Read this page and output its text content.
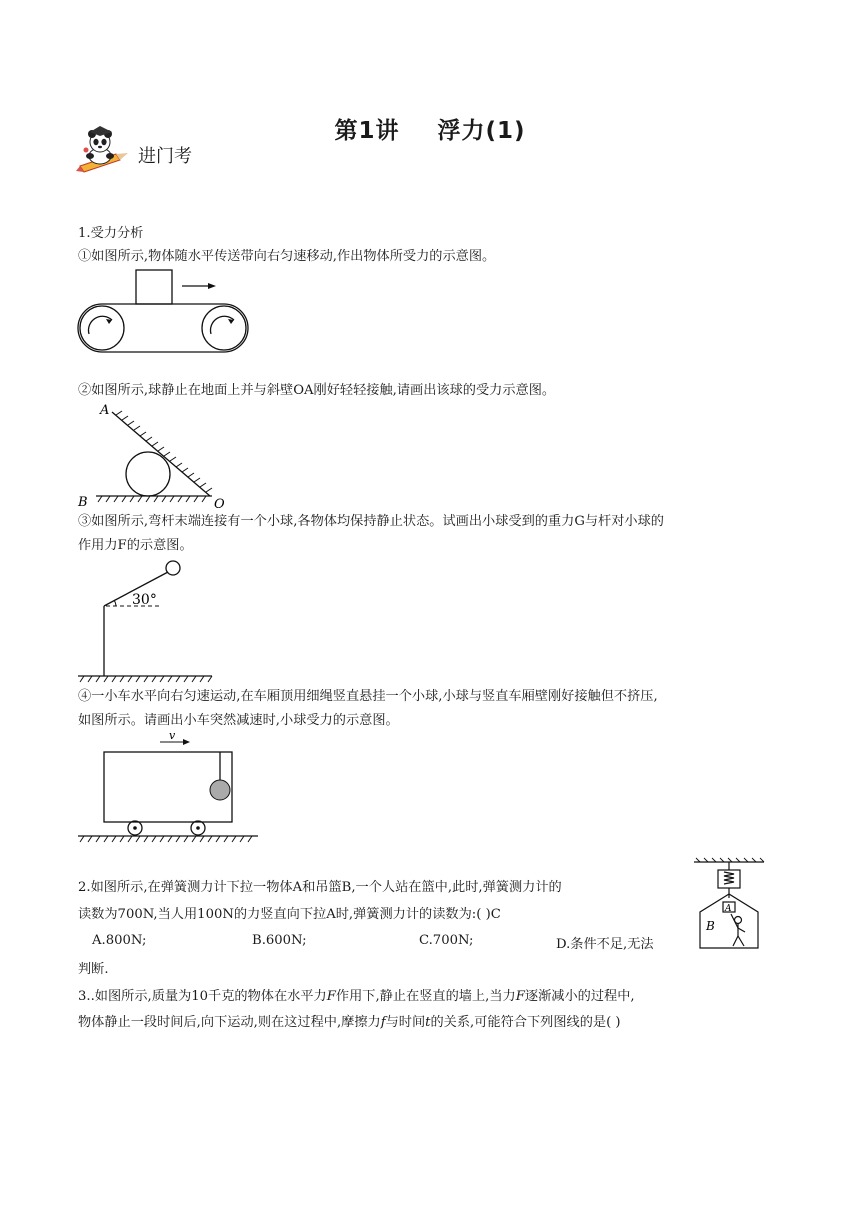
第1讲 浮力(1)
进门考
1.受力分析
①如图所示,物体随水平传送带向右匀速移动,作出物体所受力的示意图。
②如图所示,球静止在地面上并与斜壁OA刚好轻轻接触,请画出该球的受力示意图。
A
B	O
③如图所示,弯杆末端连接有一个小球,各物体均保持静止状态。试画出小球受到的重力G与杆对小球的
作用力F的示意图。
30°
④一小车水平向右匀速运动,在车厢顶用细绳竖直悬挂一个小球,小球与竖直车厢壁刚好接触但不挤压,
如图所示。请画出小车突然减速时,小球受力的示意图。
v
2.如图所示,在弹簧测力计下拉一物体A和吊篮B,一个人站在篮中,此时,弹簧测力计的
读数为700N,当人用100N的力竖直向下拉A时,弹簧测力计的读数为:( )C
A.800N;	B.600N;	C.700N;	D.条件不足,无法
判断.
A
B
3..如图所示,质量为10千克的物体在水平力F作用下,静止在竖直的墙上,当力F逐渐减小的过程中,
物体静止一段时间后,向下运动,则在这过程中,摩擦力f与时间t的关系,可能符合下列图线的是( )
